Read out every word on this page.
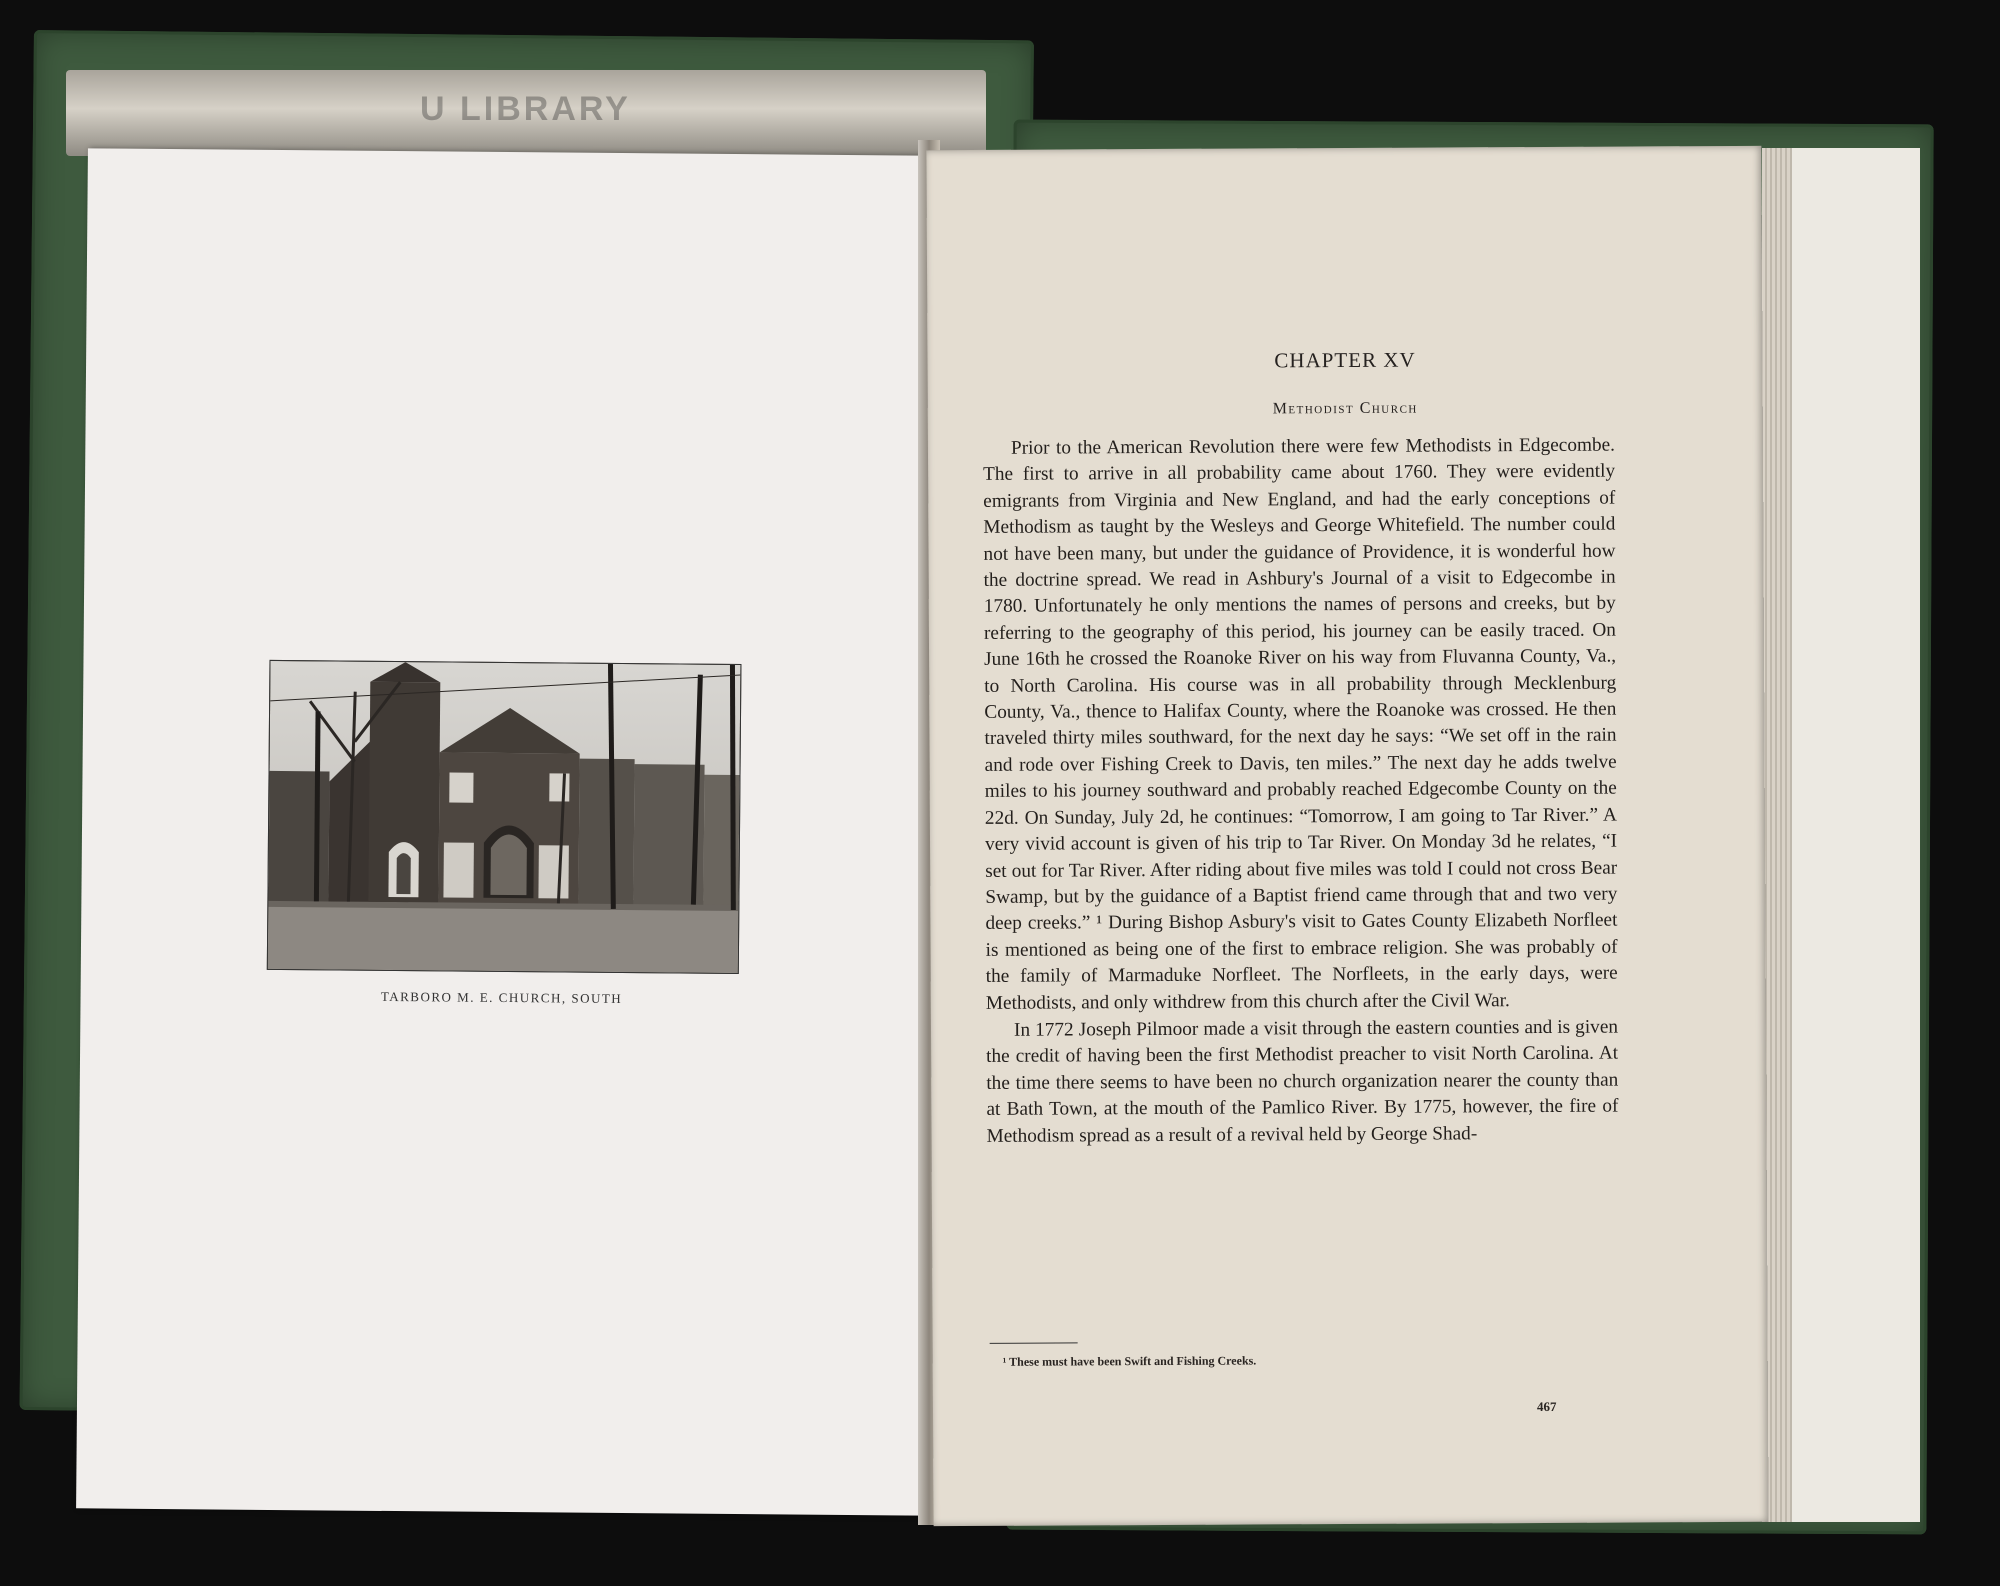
U LIBRARY
TARBORO M. E. CHURCH, SOUTH
CHAPTER XV
Methodist Church

Prior to the American Revolution there were few Methodists in Edgecombe. The first to arrive in all probability came about 1760. They were evidently emigrants from Virginia and New England, and had the early conceptions of Methodism as taught by the Wesleys and George Whitefield. The number could not have been many, but under the guidance of Providence, it is wonderful how the doctrine spread. We read in Ashbury's Journal of a visit to Edgecombe in 1780. Unfortunately he only mentions the names of persons and creeks, but by referring to the geography of this period, his journey can be easily traced. On June 16th he crossed the Roanoke River on his way from Fluvanna County, Va., to North Carolina. His course was in all probability through Mecklenburg County, Va., thence to Halifax County, where the Roanoke was crossed. He then traveled thirty miles southward, for the next day he says: “We set off in the rain and rode over Fishing Creek to Davis, ten miles.” The next day he adds twelve miles to his journey southward and probably reached Edgecombe County on the 22d. On Sunday, July 2d, he continues: “Tomorrow, I am going to Tar River.” A very vivid account is given of his trip to Tar River. On Monday 3d he relates, “I set out for Tar River. After riding about five miles was told I could not cross Bear Swamp, but by the guidance of a Baptist friend came through that and two very deep creeks.” ¹ During Bishop Asbury's visit to Gates County Elizabeth Norfleet is mentioned as being one of the first to embrace religion. She was probably of the family of Marmaduke Norfleet. The Norfleets, in the early days, were Methodists, and only withdrew from this church after the Civil War.

In 1772 Joseph Pilmoor made a visit through the eastern counties and is given the credit of having been the first Methodist preacher to visit North Carolina. At the time there seems to have been no church organization nearer the county than at Bath Town, at the mouth of the Pamlico River. By 1775, however, the fire of Methodism spread as a result of a revival held by George Shad-

¹ These must have been Swift and Fishing Creeks.
467
